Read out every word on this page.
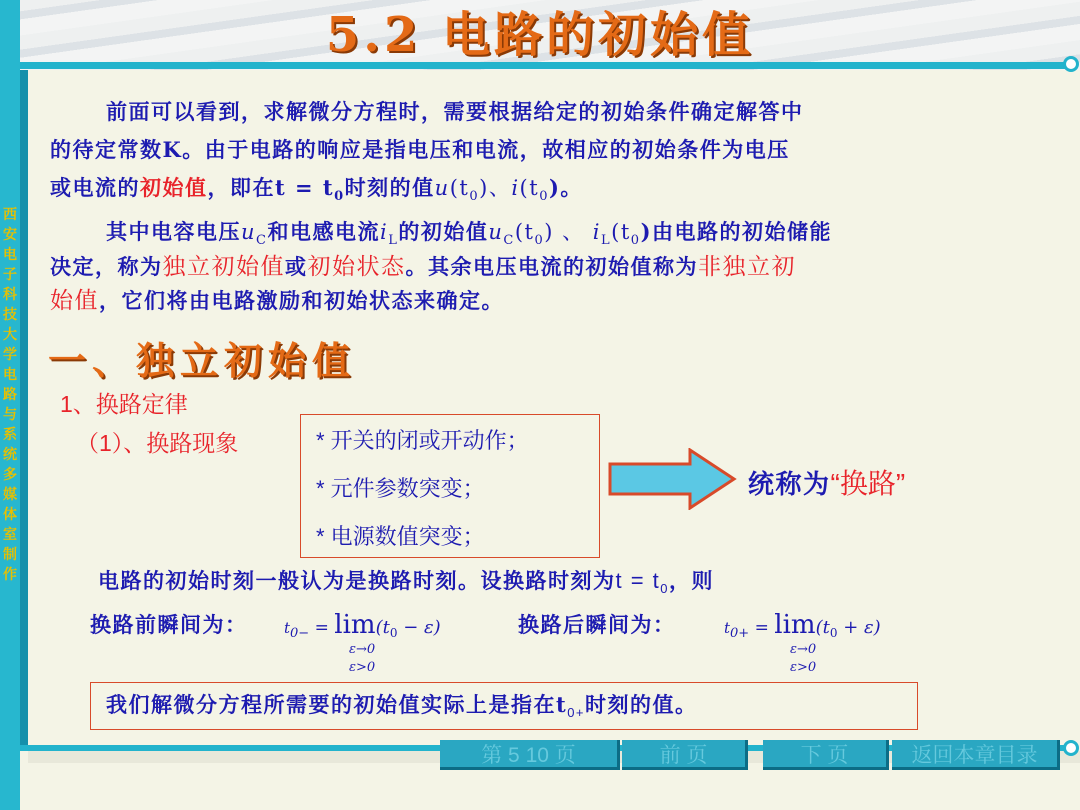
5.2 电路的初始值
西安电子科技大学电路与系统多媒体室制作
前面可以看到，求解微分方程时，需要根据给定的初始条件确定解答中
的待定常数K。由于电路的响应是指电压和电流，故相应的初始条件为电压
或电流的初始值，即在$t = t_0$时刻的值$u(t_0)$、$i(t_0)$。
其中电容电压$u_C$和电感电流$i_L$的初始值$u_C(t_0)$ 、 $i_L(t_0)$由电路的初始储能
决定，称为独立初始值或初始状态。其余电压电流的初始值称为非独立初
始值，它们将由电路激励和初始状态来确定。
一、独立初始值
1、换路定律
（1）、换路现象	* 开关的闭或开动作；
* 元件参数突变；
* 电源数值突变；
统称为“换路”
电路的初始时刻一般认为是换路时刻。设换路时刻为$t = t_0$，则
换路前瞬间为： $t_{0-} = \lim(t_0 - \varepsilon)$
ε→0
ε>0
换路后瞬间为：	$t_{0+} = \lim(t_0 + \varepsilon)$
ε→0
ε>0
我们解微分方程所需要的初始值实际上是指在$t_{0+}$时刻的值。
第 5 10 页	前 页	下 页	返回本章目录
